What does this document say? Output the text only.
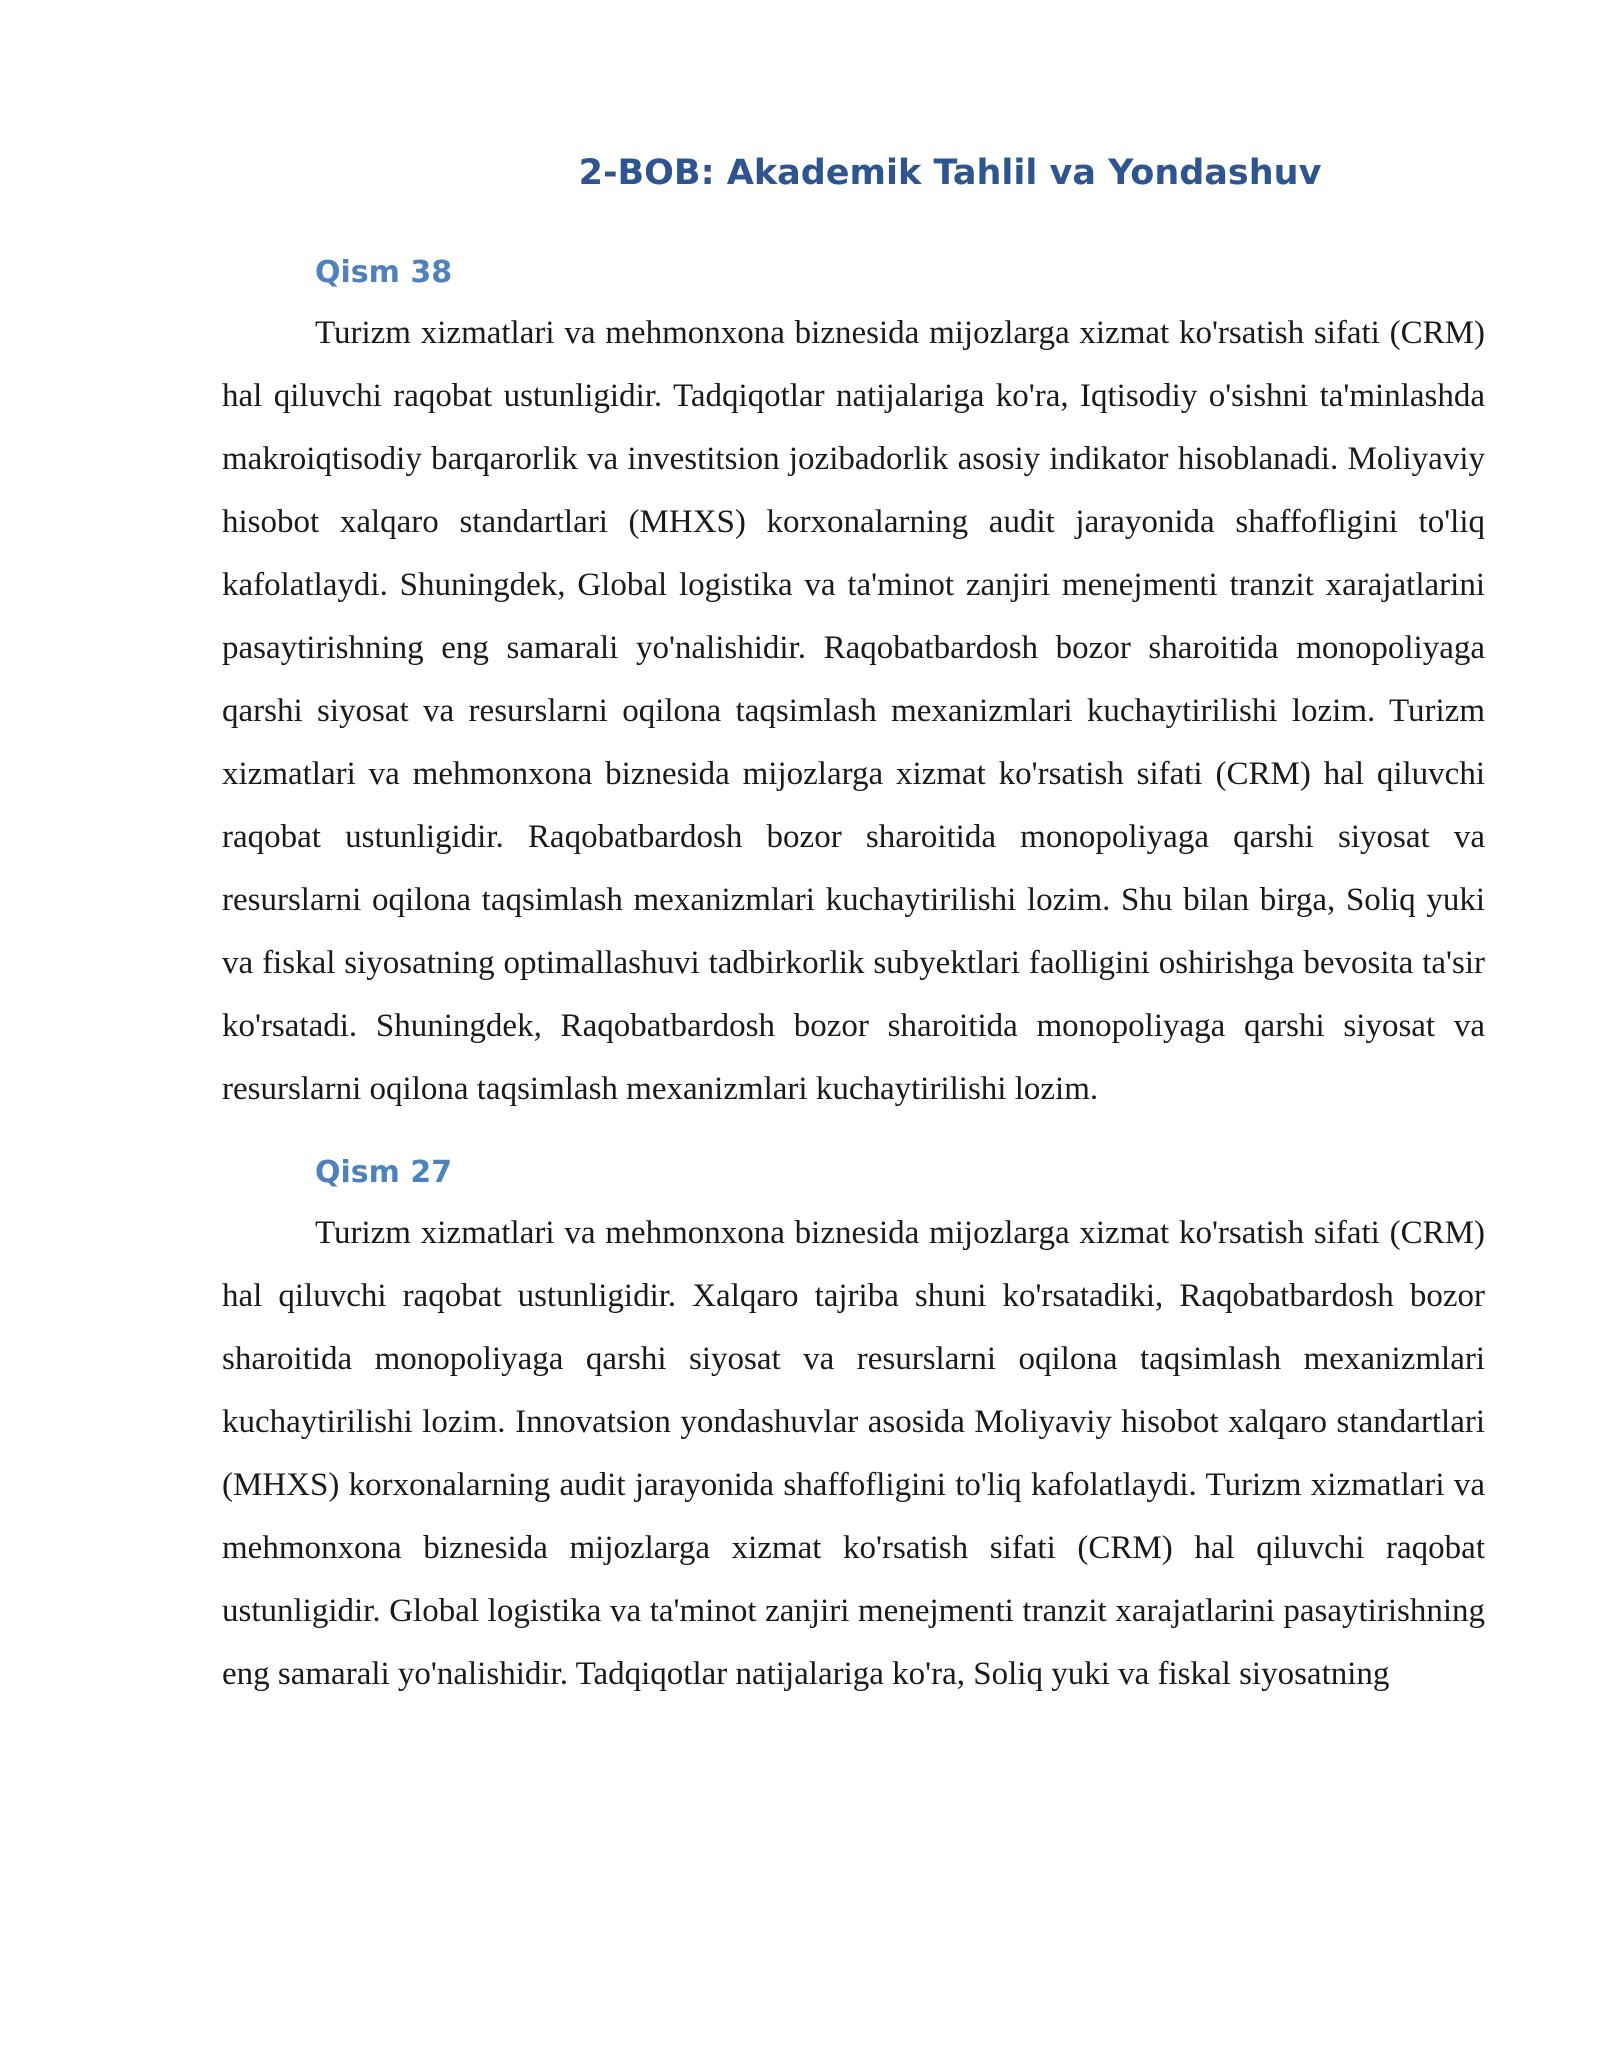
2-BOB: Akademik Tahlil va Yondashuv
Qism 38

Turizm xizmatlari va mehmonxona biznesida mijozlarga xizmat ko'rsatish sifati (CRM) hal qiluvchi raqobat ustunligidir. Tadqiqotlar natijalariga ko'ra, Iqtisodiy o'sishni ta'minlashda makroiqtisodiy barqarorlik va investitsion jozibadorlik asosiy indikator hisoblanadi. Moliyaviy hisobot xalqaro standartlari (MHXS) korxonalarning audit jarayonida shaffofligini to'liq kafolatlaydi. Shuningdek, Global logistika va ta'minot zanjiri menejmenti tranzit xarajatlarini pasaytirishning eng samarali yo'nalishidir. Raqobatbardosh bozor sharoitida monopoliyaga qarshi siyosat va resurslarni oqilona taqsimlash mexanizmlari kuchaytirilishi lozim. Turizm xizmatlari va mehmonxona biznesida mijozlarga xizmat ko'rsatish sifati (CRM) hal qiluvchi raqobat ustunligidir. Raqobatbardosh bozor sharoitida monopoliyaga qarshi siyosat va resurslarni oqilona taqsimlash mexanizmlari kuchaytirilishi lozim. Shu bilan birga, Soliq yuki va fiskal siyosatning optimallashuvi tadbirkorlik subyektlari faolligini oshirishga bevosita ta'sir ko'rsatadi. Shuningdek, Raqobatbardosh bozor sharoitida monopoliyaga qarshi siyosat va resurslarni oqilona taqsimlash mexanizmlari kuchaytirilishi lozim.

Qism 27

Turizm xizmatlari va mehmonxona biznesida mijozlarga xizmat ko'rsatish sifati (CRM) hal qiluvchi raqobat ustunligidir. Xalqaro tajriba shuni ko'rsatadiki, Raqobatbardosh bozor sharoitida monopoliyaga qarshi siyosat va resurslarni oqilona taqsimlash mexanizmlari kuchaytirilishi lozim. Innovatsion yondashuvlar asosida Moliyaviy hisobot xalqaro standartlari (MHXS) korxonalarning audit jarayonida shaffofligini to'liq kafolatlaydi. Turizm xizmatlari va mehmonxona biznesida mijozlarga xizmat ko'rsatish sifati (CRM) hal qiluvchi raqobat ustunligidir. Global logistika va ta'minot zanjiri menejmenti tranzit xarajatlarini pasaytirishning eng samarali yo'nalishidir. Tadqiqotlar natijalariga ko'ra, Soliq yuki va fiskal siyosatning
